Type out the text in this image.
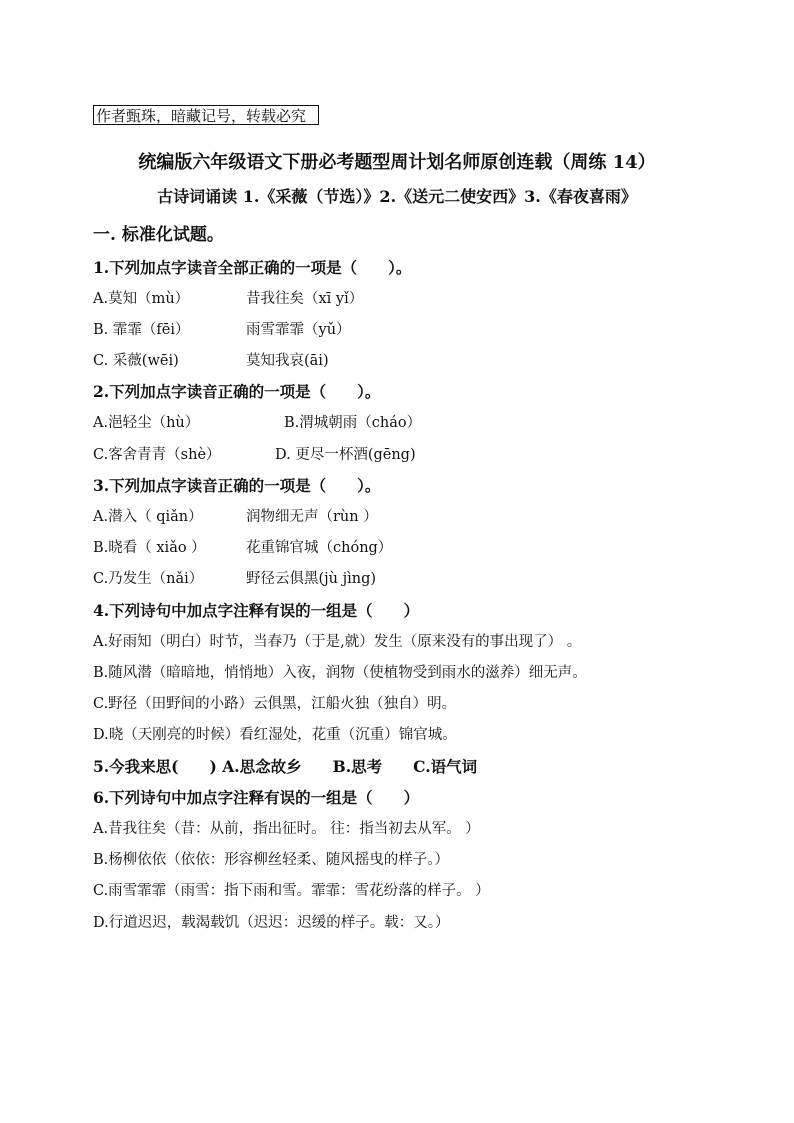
作者甄珠，暗藏记号，转载必究
统编版六年级语文下册必考题型周计划名师原创连载（周练 14）
古诗词诵读 1.《采薇（节选）》2.《送元二使安西》3.《春夜喜雨》
一. 标准化试题。
1.下列加点字读音全部正确的一项是（　　）。
A.莫知（mù）	昔我往矣（xī yǐ）
B. 霏霏（fēi）	雨雪霏霏（yǔ）
C. 采薇(wēi)	莫知我哀(āi)
2.下列加点字读音正确的一项是（　　）。
A.浥轻尘（hù）	B.渭城朝雨（cháo）
C.客舍青青（shè）	D. 更尽一杯酒(gēng)
3.下列加点字读音正确的一项是（　　）。
A.潜入（ qiǎn）	润物细无声（rùn ）
B.晓看（ xiǎo ）	花重锦官城（chóng）
C.乃发生（nǎi）	野径云俱黑(jù jìng)
4.下列诗句中加点字注释有误的一组是（　　）
A.好雨知（明白）时节，当春乃（于是,就）发生（原来没有的事出现了） 。
B.随风潜（暗暗地，悄悄地）入夜，润物（使植物受到雨水的滋养）细无声。
C.野径（田野间的小路）云俱黑，江船火独（独自）明。
D.晓（天刚亮的时候）看红湿处，花重（沉重）锦官城。
5.今我来思(　　) A.思念故乡　　B.思考　　C.语气词
6.下列诗句中加点字注释有误的一组是（　　）
A.昔我往矣（昔：从前，指出征时。 往：指当初去从军。 ）
B.杨柳依依（依依：形容柳丝轻柔、随风摇曳的样子。）
C.雨雪霏霏（雨雪：指下雨和雪。霏霏：雪花纷落的样子。 ）
D.行道迟迟，载渴载饥（迟迟：迟缓的样子。载：又。）
